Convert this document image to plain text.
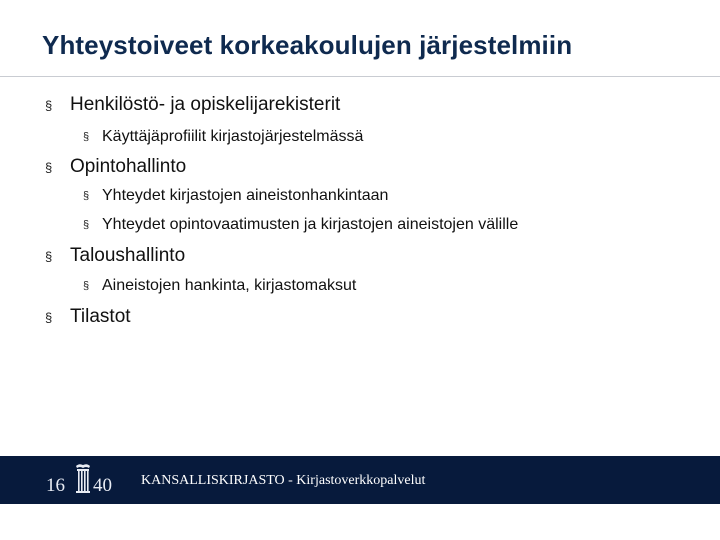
Yhteystoiveet korkeakoulujen järjestelmiin
§ Henkilöstö- ja opiskelijarekisterit
§ Käyttäjäprofiilit kirjastojärjestelmässä
§ Opintohallinto
§ Yhteydet kirjastojen aineistonhankintaan
§ Yhteydet opintovaatimusten ja kirjastojen aineistojen välille
§ Taloushallinto
§ Aineistojen hankinta, kirjastomaksut
§ Tilastot
16 40 KANSALLISKIRJASTO - Kirjastoverkkopalvelut
